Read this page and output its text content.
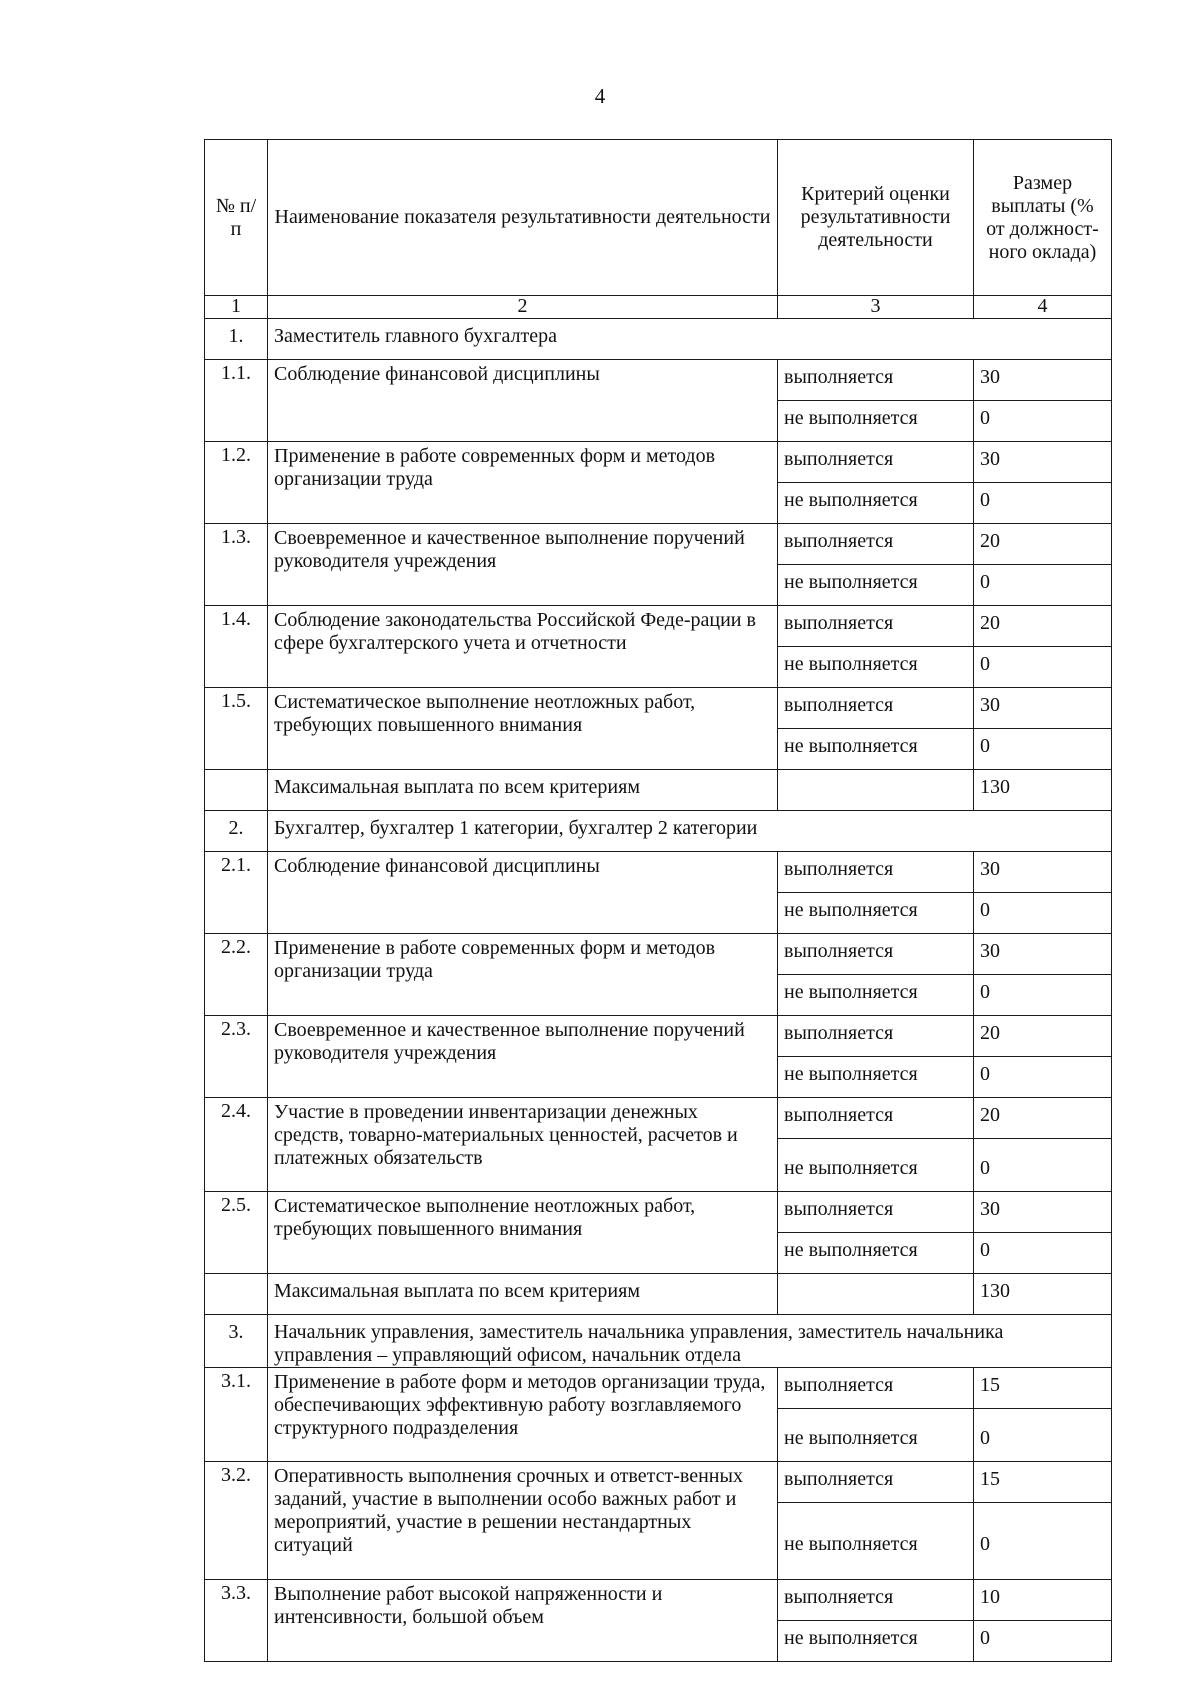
4
№ п/п	Наименование показателя результативности деятельности	Критерий оценки результативности деятельности	Размер выплаты (% от должност-ного оклада)
1	2	3	4
1.	Заместитель главного бухгалтера		
1.1.	Соблюдение финансовой дисциплины	выполняется	30
		не выполняется	0
1.2.	Применение в работе современных форм и методов организации труда	выполняется	30
		не выполняется	0
1.3.	Своевременное и качественное выполнение поручений руководителя учреждения	выполняется	20
		не выполняется	0
1.4.	Соблюдение законодательства Российской Феде-рации в сфере бухгалтерского учета и отчетности	выполняется	20
		не выполняется	0
1.5.	Систематическое выполнение неотложных работ, требующих повышенного внимания	выполняется	30
		не выполняется	0
	Максимальная выплата по всем критериям		130
2.	Бухгалтер, бухгалтер 1 категории, бухгалтер 2 категории		
2.1.	Соблюдение финансовой дисциплины	выполняется	30
		не выполняется	0
2.2.	Применение в работе современных форм и методов организации труда	выполняется	30
		не выполняется	0
2.3.	Своевременное и качественное выполнение поручений руководителя учреждения	выполняется	20
		не выполняется	0
2.4.	Участие в проведении инвентаризации денежных средств, товарно-материальных ценностей, расчетов и платежных обязательств	выполняется	20
		не выполняется	0
2.5.	Систематическое выполнение неотложных работ, требующих повышенного внимания	выполняется	30
		не выполняется	0
	Максимальная выплата по всем критериям		130
3.	Начальник управления, заместитель начальника управления, заместитель начальника управления – управляющий офисом, начальник отдела		
3.1.	Применение в работе форм и методов организации труда, обеспечивающих эффективную работу возглавляемого структурного подразделения	выполняется	15
		не выполняется	0
3.2.	Оперативность выполнения срочных и ответст-венных заданий, участие в выполнении особо важных работ и мероприятий, участие в решении нестандартных ситуаций	выполняется	15
		не выполняется	0
3.3.	Выполнение работ высокой напряженности и интенсивности, большой объем	выполняется	10
		не выполняется	0
